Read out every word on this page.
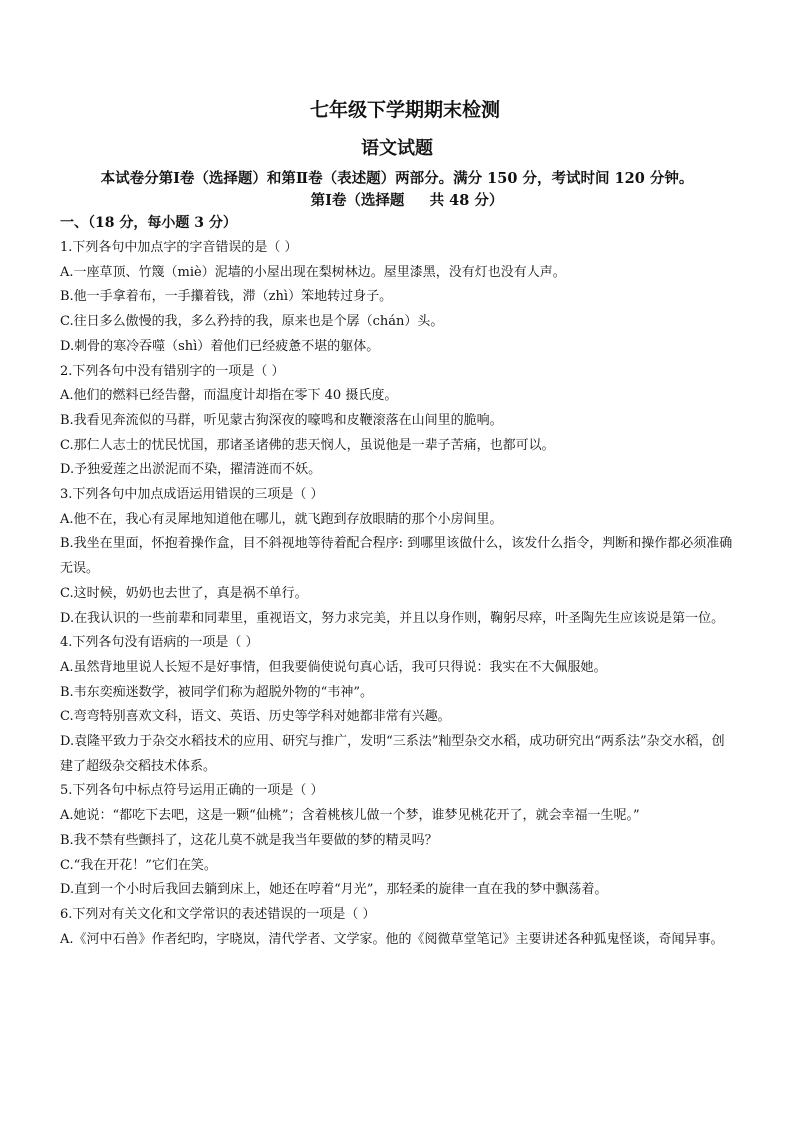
七年级下学期期末检测
语文试题
本试卷分第Ⅰ卷（选择题）和第Ⅱ卷（表述题）两部分。满分 150 分，考试时间 120 分钟。
第Ⅰ卷（选择题     共 48 分）
一、（18 分，每小题 3 分）

1.下列各句中加点字的字音错误的是（ ）

A.一座草顶、竹篾（miè）泥墙的小屋出现在梨树林边。屋里漆黑，没有灯也没有人声。

B.他一手拿着布，一手攥着钱，滞（zhì）笨地转过身子。

C.往日多么傲慢的我，多么矜持的我，原来也是个孱（chán）头。

D.刺骨的寒冷吞噬（shì）着他们已经疲惫不堪的躯体。

2.下列各句中没有错别字的一项是（ ）

A.他们的燃料已经告罄，而温度计却指在零下 40 摄氏度。

B.我看见奔流似的马群，听见蒙古狗深夜的嚎鸣和皮鞭滚落在山间里的脆响。

C.那仁人志士的忧民忧国，那诸圣诸佛的悲天悯人，虽说他是一辈子苦痛，也都可以。

D.予独爱莲之出淤泥而不染，擢清涟而不妖。

3.下列各句中加点成语运用错误的三项是（ ）

A.他不在，我心有灵犀地知道他在哪儿，就飞跑到存放眼睛的那个小房间里。

B.我坐在里面，怀抱着操作盒，目不斜视地等待着配合程序: 到哪里该做什么，该发什么指令，判断和操作都必须准确无误。

C.这时候，奶奶也去世了，真是祸不单行。

D.在我认识的一些前辈和同辈里，重视语文，努力求完美，并且以身作则，鞠躬尽瘁，叶圣陶先生应该说是第一位。

4.下列各句没有语病的一项是（ ）

A.虽然背地里说人长短不是好事情，但我要倘使说句真心话，我可只得说：我实在不大佩服她。

B.韦东奕痴迷数学，被同学们称为超脱外物的“韦神”。

C.弯弯特别喜欢文科，语文、英语、历史等学科对她都非常有兴趣。

D.袁隆平致力于杂交水稻技术的应用、研究与推广，发明“三系法”籼型杂交水稻，成功研究出“两系法”杂交水稻，创建了超级杂交稻技术体系。

5.下列各句中标点符号运用正确的一项是（ ）

A.她说：“都吃下去吧，这是一颗“仙桃”；含着桃核儿做一个梦，谁梦见桃花开了，就会幸福一生呢。”

B.我不禁有些颤抖了，这花儿莫不就是我当年要做的梦的精灵吗？

C.“我在开花！”它们在笑。

D.直到一个小时后我回去躺到床上，她还在哼着“月光”，那轻柔的旋律一直在我的梦中飘荡着。

6.下列对有关文化和文学常识的表述错误的一项是（ ）

A.《河中石兽》作者纪昀，字晓岚，清代学者、文学家。他的《阅微草堂笔记》主要讲述各种狐鬼怪谈，奇闻异事。
